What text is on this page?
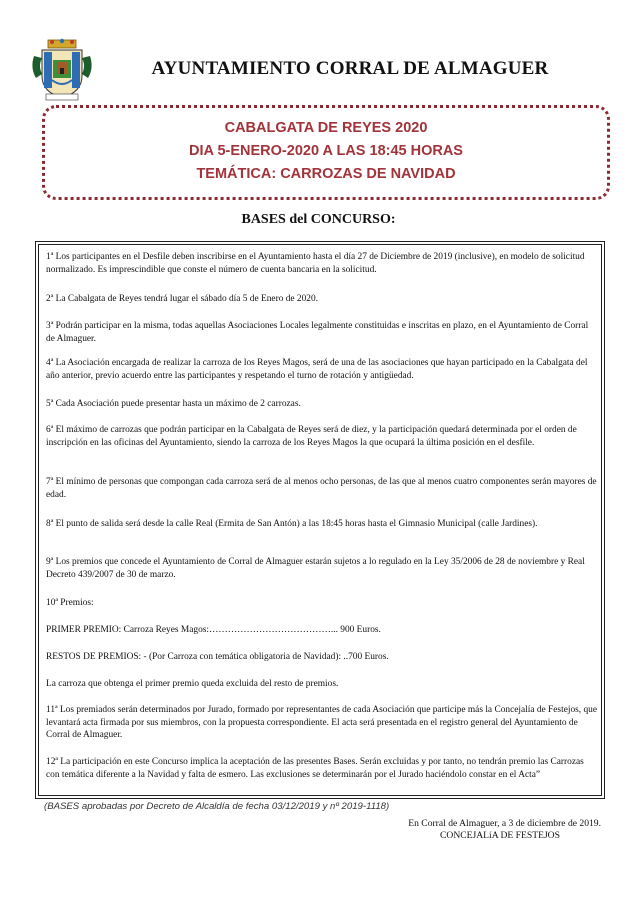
AYUNTAMIENTO CORRAL DE ALMAGUER
CABALGATA DE REYES 2020
DIA 5-ENERO-2020 A LAS 18:45 HORAS
TEMÁTICA: CARROZAS DE NAVIDAD
BASES del CONCURSO:

1ª Los participantes en el Desfile deben inscribirse en el Ayuntamiento hasta el día 27 de Diciembre de 2019 (inclusive), en modelo de solicitud normalizado. Es imprescindible que conste el número de cuenta bancaria en la solicitud.

2ª La Cabalgata de Reyes tendrá lugar el sábado día 5 de Enero de 2020.

3ª Podrán participar en la misma, todas aquellas Asociaciones Locales legalmente constituidas e inscritas en plazo, en el Ayuntamiento de Corral de Almaguer.

4ª La Asociación encargada de realizar la carroza de los Reyes Magos, será de una de las asociaciones que hayan participado en la Cabalgata del año anterior, previo acuerdo entre las participantes y respetando el turno de rotación y antigüedad.

5ª Cada Asociación puede presentar hasta un máximo de 2 carrozas.

6ª El máximo de carrozas que podrán participar en la Cabalgata de Reyes será de diez, y la participación quedará determinada por el orden de inscripción en las oficinas del Ayuntamiento, siendo la carroza de los Reyes Magos la que ocupará la última posición en el desfile.

7ª El mínimo de personas que compongan cada carroza será de al menos ocho personas, de las que al menos cuatro componentes serán mayores de edad.

8ª El punto de salida será desde la calle Real (Ermita de San Antón) a las 18:45 horas hasta el Gimnasio Municipal (calle Jardines).

9ª Los premios que concede el Ayuntamiento de Corral de Almaguer estarán sujetos a lo regulado en la Ley 35/2006 de 28 de noviembre y Real Decreto 439/2007 de 30 de marzo.

10ª Premios:

PRIMER PREMIO: Carroza Reyes Magos:…………………………………... 900 Euros.

RESTOS DE PREMIOS: - (Por Carroza con temática obligatoria de Navidad): ..700 Euros.

La carroza que obtenga el primer premio queda excluida del resto de premios.

11ª Los premiados serán determinados por Jurado, formado por representantes de cada Asociación que participe más la Concejalía de Festejos, que levantará acta firmada por sus miembros, con la propuesta correspondiente. El acta será presentada en el registro general del Ayuntamiento de Corral de Almaguer.

12ª La participación en este Concurso implica la aceptación de las presentes Bases. Serán excluidas y por tanto, no tendrán premio las Carrozas con temática diferente a la Navidad y falta de esmero. Las exclusiones se determinarán por el Jurado haciéndolo constar en el Acta”

(BASES aprobadas por Decreto de Alcaldía de fecha 03/12/2019 y nº 2019-1118)
En Corral de Almaguer, a 3 de diciembre de 2019.
CONCEJALíA DE FESTEJOS
